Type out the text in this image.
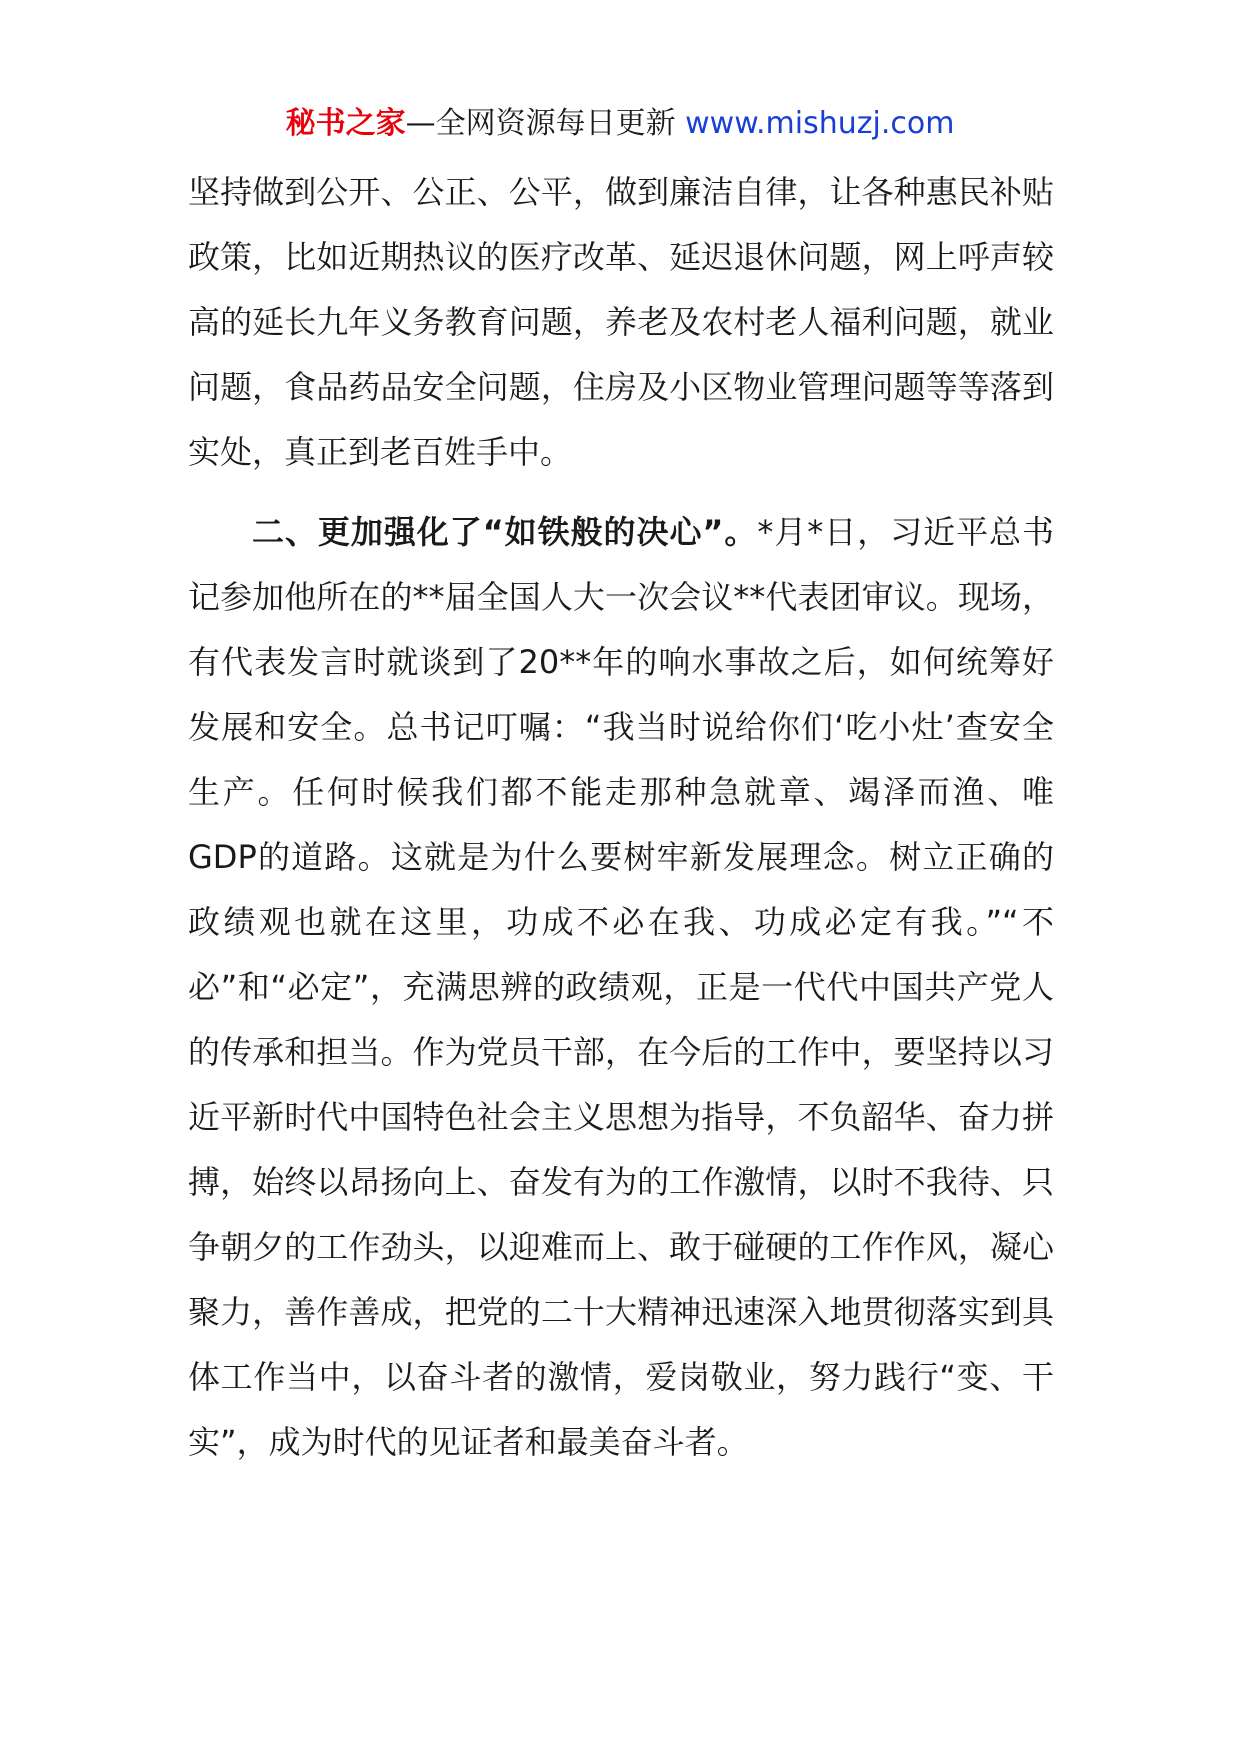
秘书之家—全网资源每日更新 www.mishuzj.com

坚持做到公开、公正、公平，做到廉洁自律，让各种惠民补贴政策，比如近期热议的医疗改革、延迟退休问题，网上呼声较高的延长九年义务教育问题，养老及农村老人福利问题，就业问题，食品药品安全问题，住房及小区物业管理问题等等落到实处，真正到老百姓手中。

二、更加强化了“如铁般的决心”。*月*日，习近平总书记参加他所在的**届全国人大一次会议**代表团审议。现场，有代表发言时就谈到了20**年的响水事故之后，如何统筹好发展和安全。总书记叮嘱：“我当时说给你们‘吃小灶’查安全生产。任何时候我们都不能走那种急就章、竭泽而渔、唯GDP的道路。这就是为什么要树牢新发展理念。树立正确的政绩观也就在这里，功成不必在我、功成必定有我。”“不必”和“必定”，充满思辨的政绩观，正是一代代中国共产党人的传承和担当。作为党员干部，在今后的工作中，要坚持以习近平新时代中国特色社会主义思想为指导，不负韶华、奋力拼搏，始终以昂扬向上、奋发有为的工作激情，以时不我待、只争朝夕的工作劲头，以迎难而上、敢于碰硬的工作作风，凝心聚力，善作善成，把党的二十大精神迅速深入地贯彻落实到具体工作当中，以奋斗者的激情，爱岗敬业，努力践行“变、干实”，成为时代的见证者和最美奋斗者。
